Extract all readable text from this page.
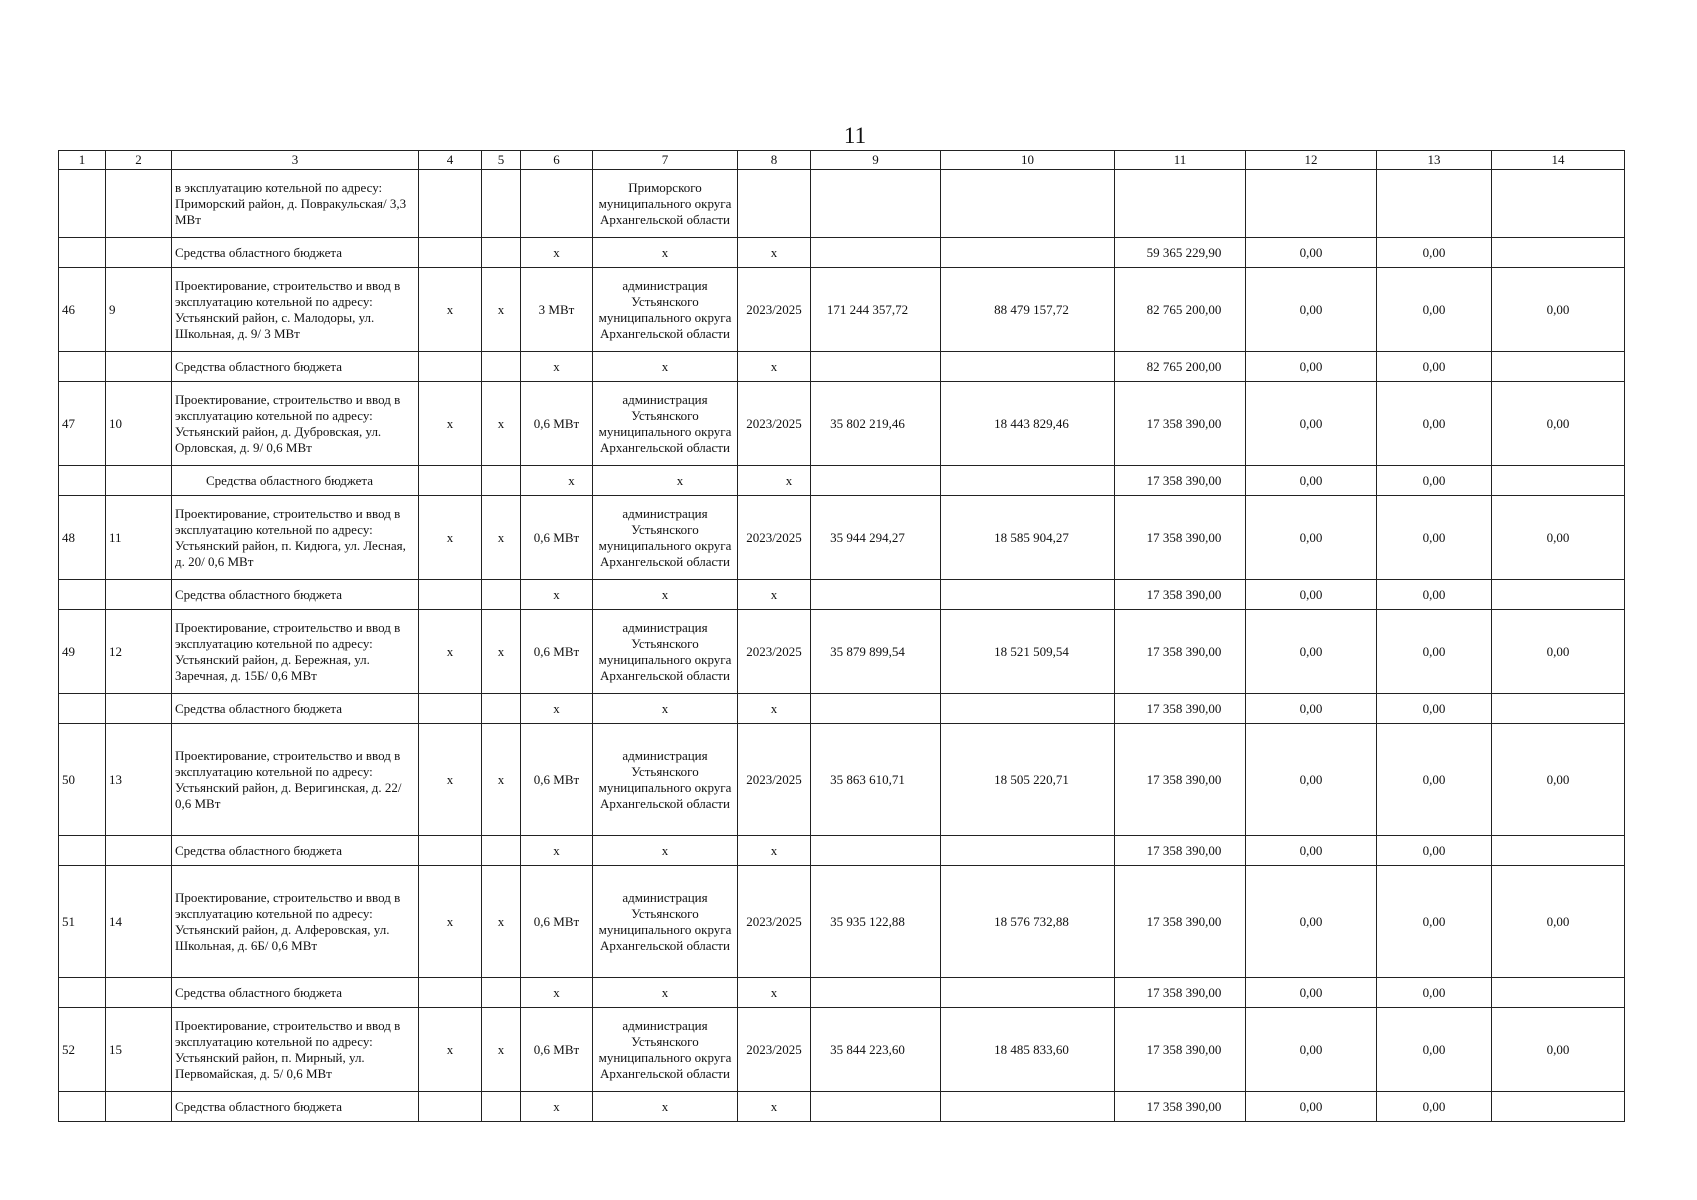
11
1	2	3	4	5	6	7	8	9	10	11	12	13	14
		в эксплуатацию котельной по адресу: Приморский район, д. Повракульская/ 3,3 МВт				Приморского муниципального округа Архангельской области							
		Средства областного бюджета			х	х	х			59 365 229,90	0,00	0,00	
46	9	Проектирование, строительство и ввод в эксплуатацию котельной по адресу: Устьянский район, с. Малодоры, ул. Школьная, д. 9/ 3 МВт	х	х	3 МВт	администрация Устьянского муниципального округа Архангельской области	2023/2025	171 244 357,72	88 479 157,72	82 765 200,00	0,00	0,00	0,00
		Средства областного бюджета			х	х	х			82 765 200,00	0,00	0,00	
47	10	Проектирование, строительство и ввод в эксплуатацию котельной по адресу: Устьянский район, д. Дубровская, ул. Орловская, д. 9/ 0,6 МВт	х	х	0,6 МВт	администрация Устьянского муниципального округа Архангельской области	2023/2025	35 802 219,46	18 443 829,46	17 358 390,00	0,00	0,00	0,00
		Средства областного бюджета			х	х	х			17 358 390,00	0,00	0,00	
48	11	Проектирование, строительство и ввод в эксплуатацию котельной по адресу: Устьянский район, п. Кидюга, ул. Лесная, д. 20/ 0,6 МВт	х	х	0,6 МВт	администрация Устьянского муниципального округа Архангельской области	2023/2025	35 944 294,27	18 585 904,27	17 358 390,00	0,00	0,00	0,00
		Средства областного бюджета			х	х	х			17 358 390,00	0,00	0,00	
49	12	Проектирование, строительство и ввод в эксплуатацию котельной по адресу: Устьянский район, д. Бережная, ул. Заречная, д. 15Б/ 0,6 МВт	х	х	0,6 МВт	администрация Устьянского муниципального округа Архангельской области	2023/2025	35 879 899,54	18 521 509,54	17 358 390,00	0,00	0,00	0,00
		Средства областного бюджета			х	х	х			17 358 390,00	0,00	0,00	
50	13	Проектирование, строительство и ввод в эксплуатацию котельной по адресу: Устьянский район, д. Веригинская, д. 22/ 0,6 МВт	х	х	0,6 МВт	администрация Устьянского муниципального округа Архангельской области	2023/2025	35 863 610,71	18 505 220,71	17 358 390,00	0,00	0,00	0,00
		Средства областного бюджета			х	х	х			17 358 390,00	0,00	0,00	
51	14	Проектирование, строительство и ввод в эксплуатацию котельной по адресу: Устьянский район, д. Алферовская, ул. Школьная, д. 6Б/ 0,6 МВт	х	х	0,6 МВт	администрация Устьянского муниципального округа Архангельской области	2023/2025	35 935 122,88	18 576 732,88	17 358 390,00	0,00	0,00	0,00
		Средства областного бюджета			х	х	х			17 358 390,00	0,00	0,00	
52	15	Проектирование, строительство и ввод в эксплуатацию котельной по адресу: Устьянский район, п. Мирный, ул. Первомайская, д. 5/ 0,6 МВт	х	х	0,6 МВт	администрация Устьянского муниципального округа Архангельской области	2023/2025	35 844 223,60	18 485 833,60	17 358 390,00	0,00	0,00	0,00
		Средства областного бюджета			х	х	х			17 358 390,00	0,00	0,00	
